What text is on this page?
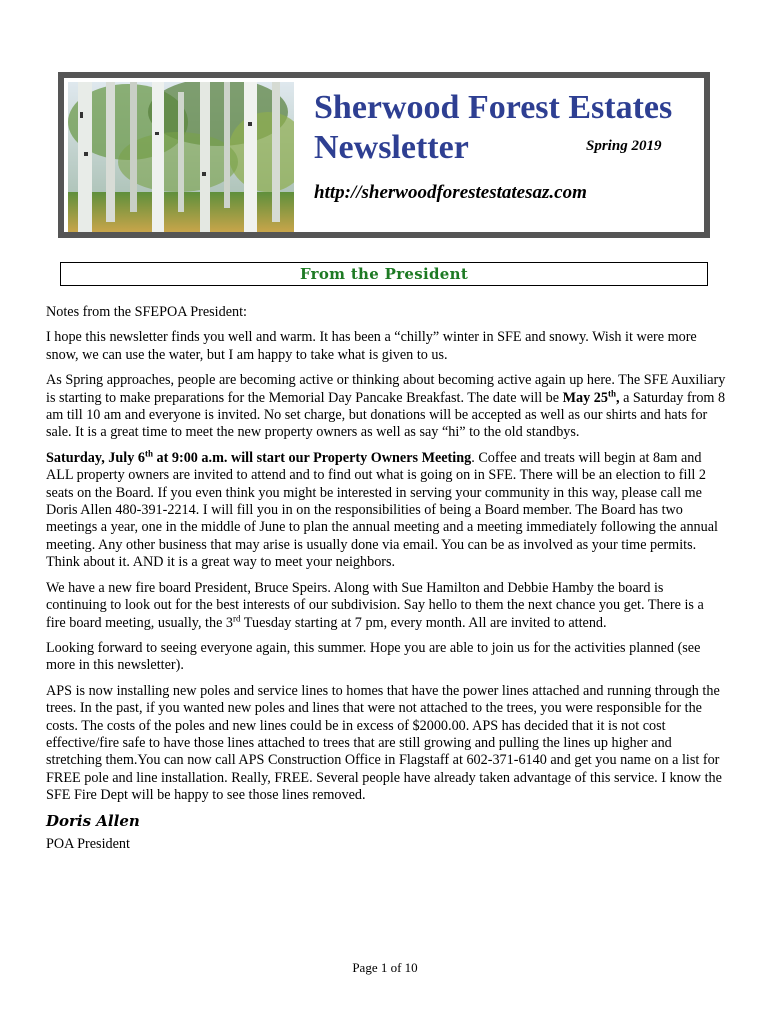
Sherwood Forest Estates
Newsletter	Spring 2019
http://sherwoodforestestatesaz.com
From the President

Notes from the SFEPOA President:

I hope this newsletter finds you well and warm. It has been a “chilly” winter in SFE and snowy. Wish it were more snow, we can use the water, but I am happy to take what is given to us.

As Spring approaches, people are becoming active or thinking about becoming active again up here. The SFE Auxiliary is starting to make preparations for the Memorial Day Pancake Breakfast. The date will be May 25th, a Saturday from 8 am till 10 am and everyone is invited. No set charge, but donations will be accepted as well as our shirts and hats for sale. It is a great time to meet the new property owners as well as say “hi” to the old standbys.

Saturday, July 6th at 9:00 a.m. will start our Property Owners Meeting. Coffee and treats will begin at 8am and ALL property owners are invited to attend and to find out what is going on in SFE. There will be an election to fill 2 seats on the Board. If you even think you might be interested in serving your community in this way, please call me Doris Allen 480-391-2214. I will fill you in on the responsibilities of being a Board member. The Board has two meetings a year, one in the middle of June to plan the annual meeting and a meeting immediately following the annual meeting. Any other business that may arise is usually done via email. You can be as involved as your time permits. Think about it. AND it is a great way to meet your neighbors.

We have a new fire board President, Bruce Speirs. Along with Sue Hamilton and Debbie Hamby the board is continuing to look out for the best interests of our subdivision. Say hello to them the next chance you get. There is a fire board meeting, usually, the 3rd Tuesday starting at 7 pm, every month. All are invited to attend.

Looking forward to seeing everyone again, this summer. Hope you are able to join us for the activities planned (see more in this newsletter).

APS is now installing new poles and service lines to homes that have the power lines attached and running through the trees. In the past, if you wanted new poles and lines that were not attached to the trees, you were responsible for the costs. The costs of the poles and new lines could be in excess of $2000.00. APS has decided that it is not cost effective/fire safe to have those lines attached to trees that are still growing and pulling the lines up higher and stretching them.You can now call APS Construction Office in Flagstaff at 602-371-6140 and get you name on a list for FREE pole and line installation. Really, FREE. Several people have already taken advantage of this service. I know the SFE Fire Dept will be happy to see those lines removed.

Doris Allen
POA President
Page 1 of 10
